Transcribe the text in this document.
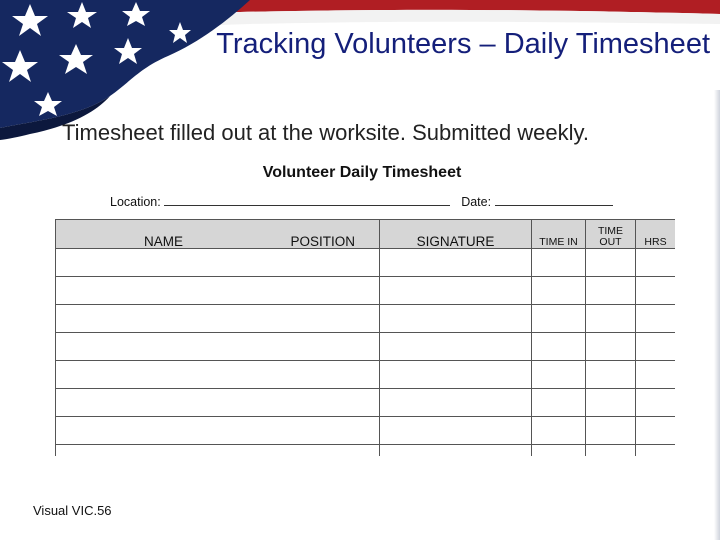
Tracking Volunteers – Daily Timesheet
Timesheet filled out at the worksite. Submitted weekly.
Volunteer Daily Timesheet
Location:	Date:
NAME POSITION	SIGNATURE	TIME IN	TIME OUT	HRS

Visual VIC.56
